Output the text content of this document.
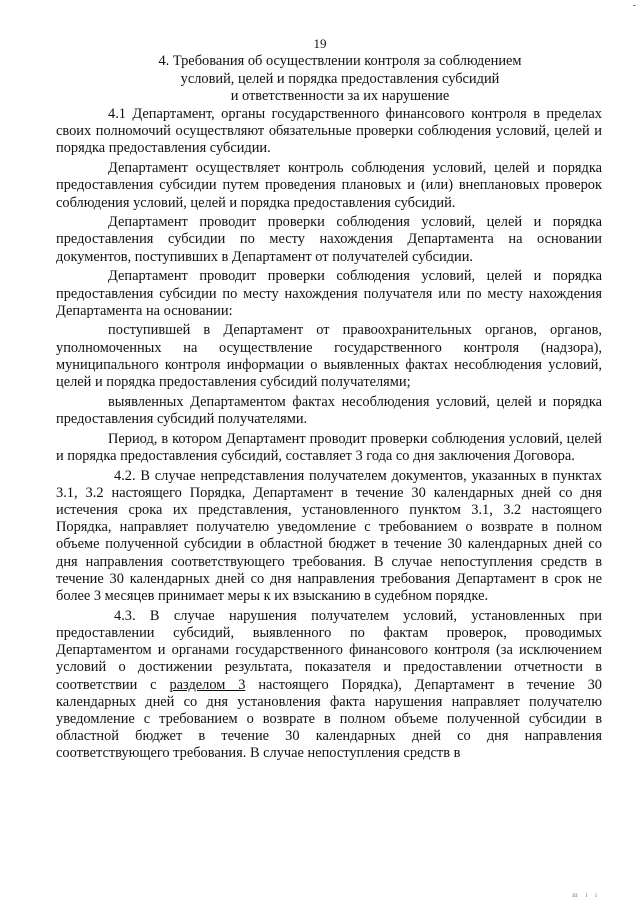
-
19
4. Требования об осуществлении контроля за соблюдением
условий, целей и порядка предоставления субсидий
и ответственности за их нарушение

4.1 Департамент, органы государственного финансового контроля в пределах своих полномочий осуществляют обязательные проверки соблюдения условий, целей и порядка предоставления субсидии.

Департамент осуществляет контроль соблюдения условий, целей и порядка предоставления субсидии путем проведения плановых и (или) внеплановых проверок соблюдения условий, целей и порядка предоставления субсидий.

Департамент проводит проверки соблюдения условий, целей и порядка предоставления субсидии по месту нахождения Департамента на основании документов, поступивших в Департамент от получателей субсидии.

Департамент проводит проверки соблюдения условий, целей и порядка предоставления субсидии по месту нахождения получателя или по месту нахождения Департамента на основании:

поступившей в Департамент от правоохранительных органов, органов, уполномоченных на осуществление государственного контроля (надзора), муниципального контроля информации о выявленных фактах несоблюдения условий, целей и порядка предоставления субсидий получателями;

выявленных Департаментом фактах несоблюдения условий, целей и порядка предоставления субсидий получателями.

Период, в котором Департамент проводит проверки соблюдения условий, целей и порядка предоставления субсидий, составляет 3 года со дня заключения Договора.

4.2. В случае непредставления получателем документов, указанных в пунктах 3.1, 3.2 настоящего Порядка, Департамент в течение 30 календарных дней со дня истечения срока их представления, установленного пунктом 3.1, 3.2 настоящего Порядка, направляет получателю уведомление с требованием о возврате в полном объеме полученной субсидии в областной бюджет в течение 30 календарных дней со дня направления соответствующего требования. В случае непоступления средств в течение 30 календарных дней со дня направления требования Департамент в срок не более 3 месяцев принимает меры к их взысканию в судебном порядке.

4.3. В случае нарушения получателем условий, установленных при предоставлении субсидий, выявленного по фактам проверок, проводимых Департаментом и органами государственного финансового контроля (за исключением условий о достижении результата, показателя и предоставлении отчетности в соответствии с разделом 3 настоящего Порядка), Департамент в течение 30 календарных дней со дня установления факта нарушения направляет получателю уведомление с требованием о возврате в полном объеме полученной субсидии в областной бюджет в течение 30 календарных дней со дня направления соответствующего требования. В случае непоступления средств в

ш ı ı
